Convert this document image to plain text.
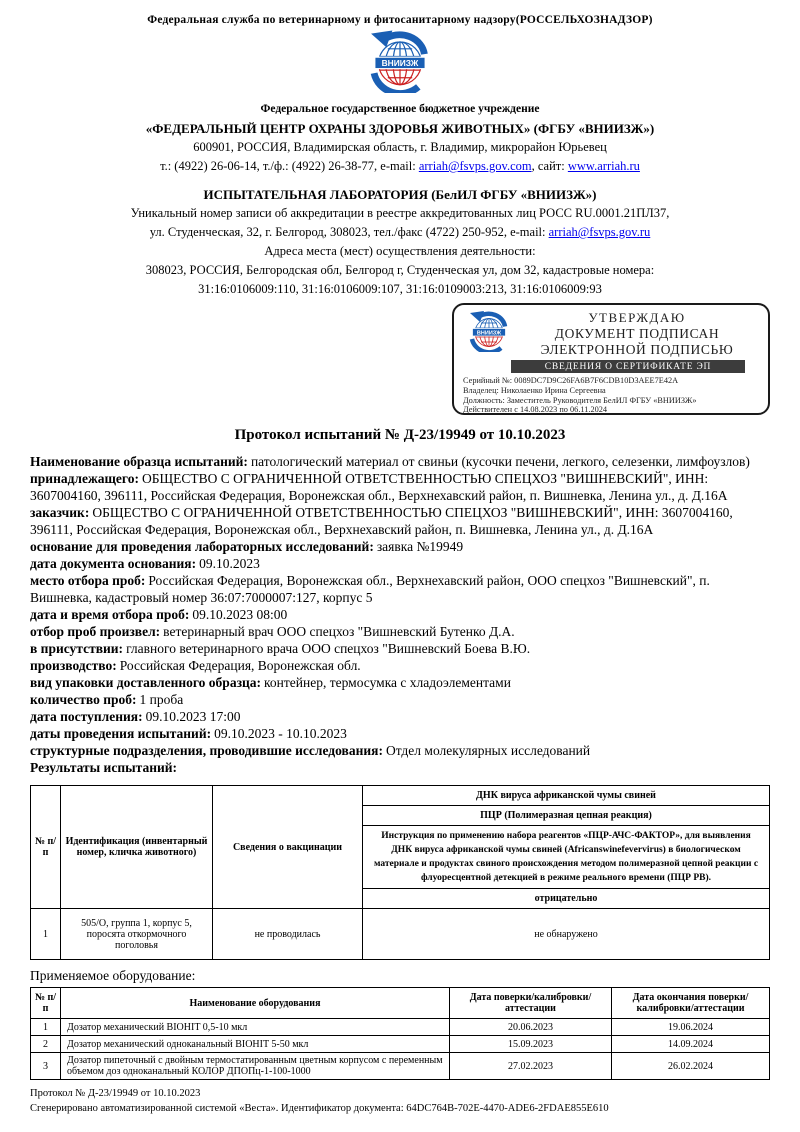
Федеральная служба по ветеринарному и фитосанитарному надзору(РОССЕЛЬХОЗНАДЗОР)
Федеральное государственное бюджетное учреждение
«ФЕДЕРАЛЬНЫЙ ЦЕНТР ОХРАНЫ ЗДОРОВЬЯ ЖИВОТНЫХ» (ФГБУ «ВНИИЗЖ»)
600901, РОССИЯ, Владимирская область, г. Владимир, микрорайон Юрьевец
т.: (4922) 26-06-14, т./ф.: (4922) 26-38-77, e-mail: arriah@fsvps.gov.com, сайт: www.arriah.ru
ИСПЫТАТЕЛЬНАЯ ЛАБОРАТОРИЯ (БелИЛ ФГБУ «ВНИИЗЖ»)
Уникальный номер записи об аккредитации в реестре аккредитованных лиц РОСС RU.0001.21ПЛ37,
ул. Студенческая, 32, г. Белгород, 308023, тел./факс (4722) 250-952, e-mail: arriah@fsvps.gov.ru
Адреса места (мест) осуществления деятельности:
308023, РОССИЯ, Белгородская обл, Белгород г, Студенческая ул, дом 32, кадастровые номера:
31:16:0106009:110, 31:16:0106009:107, 31:16:0109003:213, 31:16:0106009:93
УТВЕРЖДАЮ
ДОКУМЕНТ ПОДПИСАН
ЭЛЕКТРОННОЙ ПОДПИСЬЮ
СВЕДЕНИЯ О СЕРТИФИКАТЕ ЭП
Серийный №: 0089DC7D9C26FA6B7F6CDB10D3AEE7E42A
Владелец: Николаенко Ирина Сергеевна
Должность: Заместитель Руководителя БелИЛ ФГБУ «ВНИИЗЖ»
Действителен с 14.08.2023 по 06.11.2024
Протокол испытаний № Д-23/19949 от 10.10.2023
Наименование образца испытаний: патологический материал от свиньи (кусочки печени, легкого, селезенки, лимфоузлов)
принадлежащего: ОБЩЕСТВО С ОГРАНИЧЕННОЙ ОТВЕТСТВЕННОСТЬЮ СПЕЦХОЗ "ВИШНЕВСКИЙ", ИНН: 3607004160, 396111, Российская Федерация, Воронежская обл., Верхнехавский район, п. Вишневка, Ленина ул., д. Д.16А
заказчик: ОБЩЕСТВО С ОГРАНИЧЕННОЙ ОТВЕТСТВЕННОСТЬЮ СПЕЦХОЗ "ВИШНЕВСКИЙ", ИНН: 3607004160, 396111, Российская Федерация, Воронежская обл., Верхнехавский район, п. Вишневка, Ленина ул., д. Д.16А
основание для проведения лабораторных исследований: заявка №19949
дата документа основания: 09.10.2023
место отбора проб: Российская Федерация, Воронежская обл., Верхнехавский район, ООО спецхоз "Вишневский", п. Вишневка, кадастровый номер 36:07:7000007:127, корпус 5
дата и время отбора проб: 09.10.2023 08:00
отбор проб произвел: ветеринарный врач ООО спецхоз "Вишневский Бутенко Д.А.
в присутствии: главного ветеринарного врача ООО спецхоз "Вишневский Боева В.Ю.
производство: Российская Федерация, Воронежская обл.
вид упаковки доставленного образца: контейнер, термосумка с хладоэлементами
количество проб: 1 проба
дата поступления: 09.10.2023 17:00
даты проведения испытаний: 09.10.2023 - 10.10.2023
структурные подразделения, проводившие исследования: Отдел молекулярных исследований
Результаты испытаний:
№ п/п	Идентификация (инвентарный номер, кличка животного)	Сведения о вакцинации	ДНК вируса африканской чумы свиней
			ПЦР (Полимеразная цепная реакция)
			Инструкция по применению набора реагентов «ПЦР-АЧС-ФАКТОР», для выявления ДНК вируса африканской чумы свиней (Africanswinefevervirus) в биологическом материале и продуктах свиного происхождения методом полимеразной цепной реакции с флуоресцентной детекцией в режиме реального времени (ПЦР РВ).
			отрицательно
1	505/О, группа 1, корпус 5, поросята откормочного поголовья	не проводилась	не обнаружено
Применяемое оборудование:
№ п/п	Наименование оборудования	Дата поверки/калибровки/аттестации	Дата окончания поверки/калибровки/аттестации
1	Дозатор механический BIOHIT 0,5-10 мкл	20.06.2023	19.06.2024
2	Дозатор механический одноканальный BIOHIT 5-50 мкл	15.09.2023	14.09.2024
3	Дозатор пипеточный с двойным термостатированным цветным корпусом с переменным объемом доз одноканальный КОЛОР ДПОПц-1-100-1000	27.02.2023	26.02.2024
Протокол № Д-23/19949 от 10.10.2023
Сгенерировано автоматизированной системой «Веста». Идентификатор документа: 64DC764B-702E-4470-ADE6-2FDAE855E610
